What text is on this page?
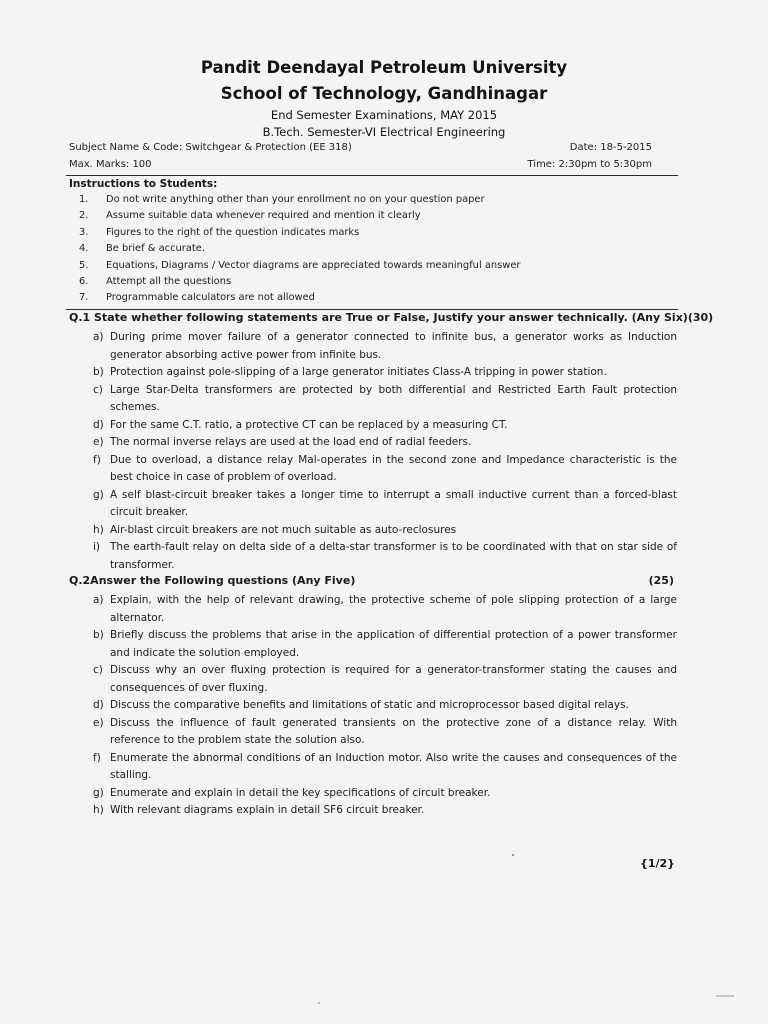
Pandit Deendayal Petroleum University
School of Technology, Gandhinagar
End Semester Examinations, MAY 2015
B.Tech. Semester-VI Electrical Engineering
Subject Name & Code: Switchgear & Protection (EE 318)	Date: 18-5-2015
Max. Marks: 100	Time: 2:30pm to 5:30pm
Instructions to Students:
1. Do not write anything other than your enrollment no on your question paper
2. Assume suitable data whenever required and mention it clearly
3. Figures to the right of the question indicates marks
4. Be brief & accurate.
5. Equations, Diagrams / Vector diagrams are appreciated towards meaningful answer
6. Attempt all the questions
7. Programmable calculators are not allowed
Q.1 State whether following statements are True or False, Justify your answer technically. (Any Six) (30)
a) During prime mover failure of a generator connected to infinite bus, a generator works as Induction generator absorbing active power from infinite bus.
b) Protection against pole-slipping of a large generator initiates Class-A tripping in power station.
c) Large Star-Delta transformers are protected by both differential and Restricted Earth Fault protection schemes.
d) For the same C.T. ratio, a protective CT can be replaced by a measuring CT.
e) The normal inverse relays are used at the load end of radial feeders.
f) Due to overload, a distance relay Mal-operates in the second zone and Impedance characteristic is the best choice in case of problem of overload.
g) A self blast-circuit breaker takes a longer time to interrupt a small inductive current than a forced-blast circuit breaker.
h) Air-blast circuit breakers are not much suitable as auto-reclosures
i) The earth-fault relay on delta side of a delta-star transformer is to be coordinated with that on star side of transformer.
Q.2Answer the Following questions (Any Five)	(25)
a) Explain, with the help of relevant drawing, the protective scheme of pole slipping protection of a large alternator.
b) Briefly discuss the problems that arise in the application of differential protection of a power transformer and indicate the solution employed.
c) Discuss why an over fluxing protection is required for a generator-transformer stating the causes and consequences of over fluxing.
d) Discuss the comparative benefits and limitations of static and microprocessor based digital relays.
e) Discuss the influence of fault generated transients on the protective zone of a distance relay. With reference to the problem state the solution also.
f) Enumerate the abnormal conditions of an Induction motor. Also write the causes and consequences of the stalling.
g) Enumerate and explain in detail the key specifications of circuit breaker.
h) With relevant diagrams explain in detail SF6 circuit breaker.
{1/2}
